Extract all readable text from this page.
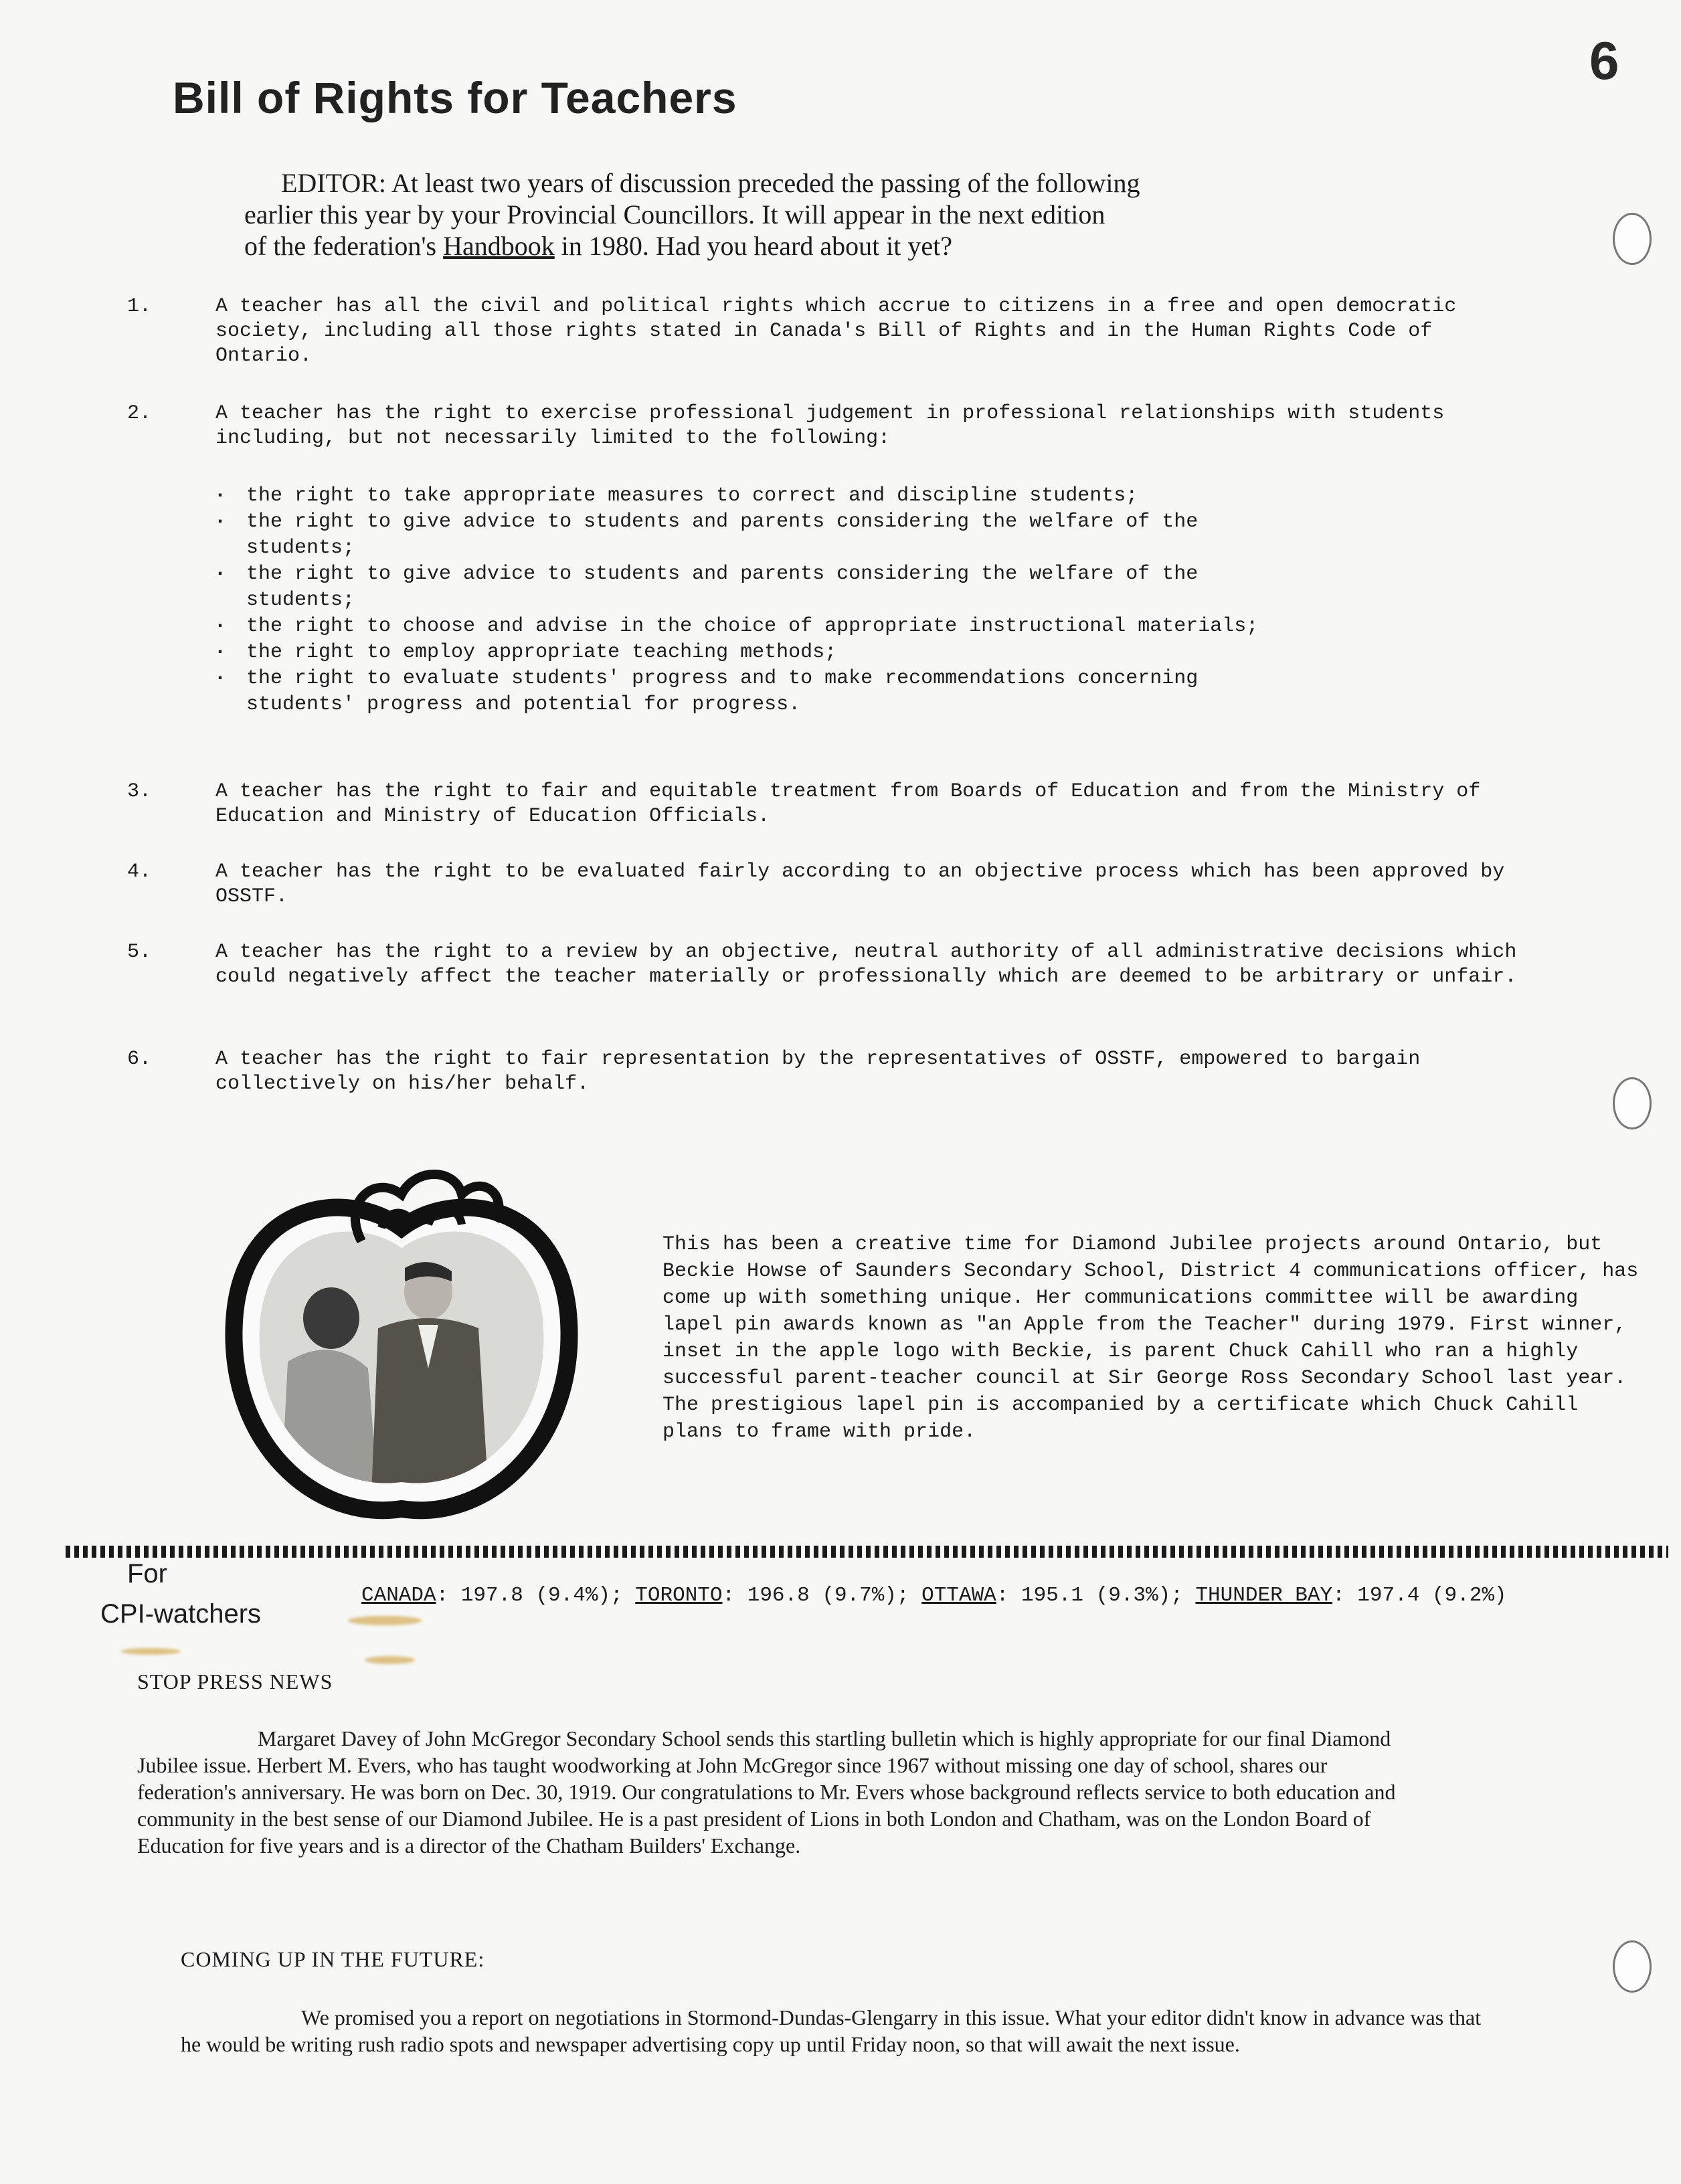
6
Bill of Rights for Teachers
EDITOR: At least two years of discussion preceded the passing of the following
earlier this year by your Provincial Councillors. It will appear in the next edition
of the federation's Handbook in 1980. Had you heard about it yet?
1.	A teacher has all the civil and political rights which accrue to citizens in a free and open democratic society, including all those rights stated in Canada's Bill of Rights and in the Human Rights Code of Ontario.
2.	A teacher has the right to exercise professional judgement in professional relationships with students including, but not necessarily limited to the following:
. the right to take appropriate measures to correct and discipline students;
. the right to give advice to students and parents considering the welfare of the students;
. the right to give advice to students and parents considering the welfare of the students;
. the right to choose and advise in the choice of appropriate instructional materials;
. the right to employ appropriate teaching methods;
. the right to evaluate students' progress and to make recommendations concerning students' progress and potential for progress.
3.	A teacher has the right to fair and equitable treatment from Boards of Education and from the Ministry of Education and Ministry of Education Officials.
4.	A teacher has the right to be evaluated fairly according to an objective process which has been approved by OSSTF.
5.	A teacher has the right to a review by an objective, neutral authority of all administrative decisions which could negatively affect the teacher materially or professionally which are deemed to be arbitrary or unfair.
6.	A teacher has the right to fair representation by the representatives of OSSTF, empowered to bargain collectively on his/her behalf.
This has been a creative time for Diamond Jubilee projects around Ontario, but Beckie Howse of Saunders Secondary School, District 4 communications officer, has come up with something unique. Her communications committee will be awarding lapel pin awards known as "an Apple from the Teacher" during 1979. First winner, inset in the apple logo with Beckie, is parent Chuck Cahill who ran a highly successful parent-teacher council at Sir George Ross Secondary School last year. The prestigious lapel pin is accompanied by a certificate which Chuck Cahill plans to frame with pride.
For
CPI-watchers
CANADA: 197.8 (9.4%); TORONTO: 196.8 (9.7%); OTTAWA: 195.1 (9.3%); THUNDER BAY: 197.4 (9.2%)
STOP PRESS NEWS
Margaret Davey of John McGregor Secondary School sends this startling bulletin which is highly appropriate for our final Diamond Jubilee issue. Herbert M. Evers, who has taught woodworking at John McGregor since 1967 without missing one day of school, shares our federation's anniversary. He was born on Dec. 30, 1919. Our congratulations to Mr. Evers whose background reflects service to both education and community in the best sense of our Diamond Jubilee. He is a past president of Lions in both London and Chatham, was on the London Board of Education for five years and is a director of the Chatham Builders' Exchange.
COMING UP IN THE FUTURE:
We promised you a report on negotiations in Stormond-Dundas-Glengarry in this issue. What your editor didn't know in advance was that he would be writing rush radio spots and newspaper advertising copy up until Friday noon, so that will await the next issue.
